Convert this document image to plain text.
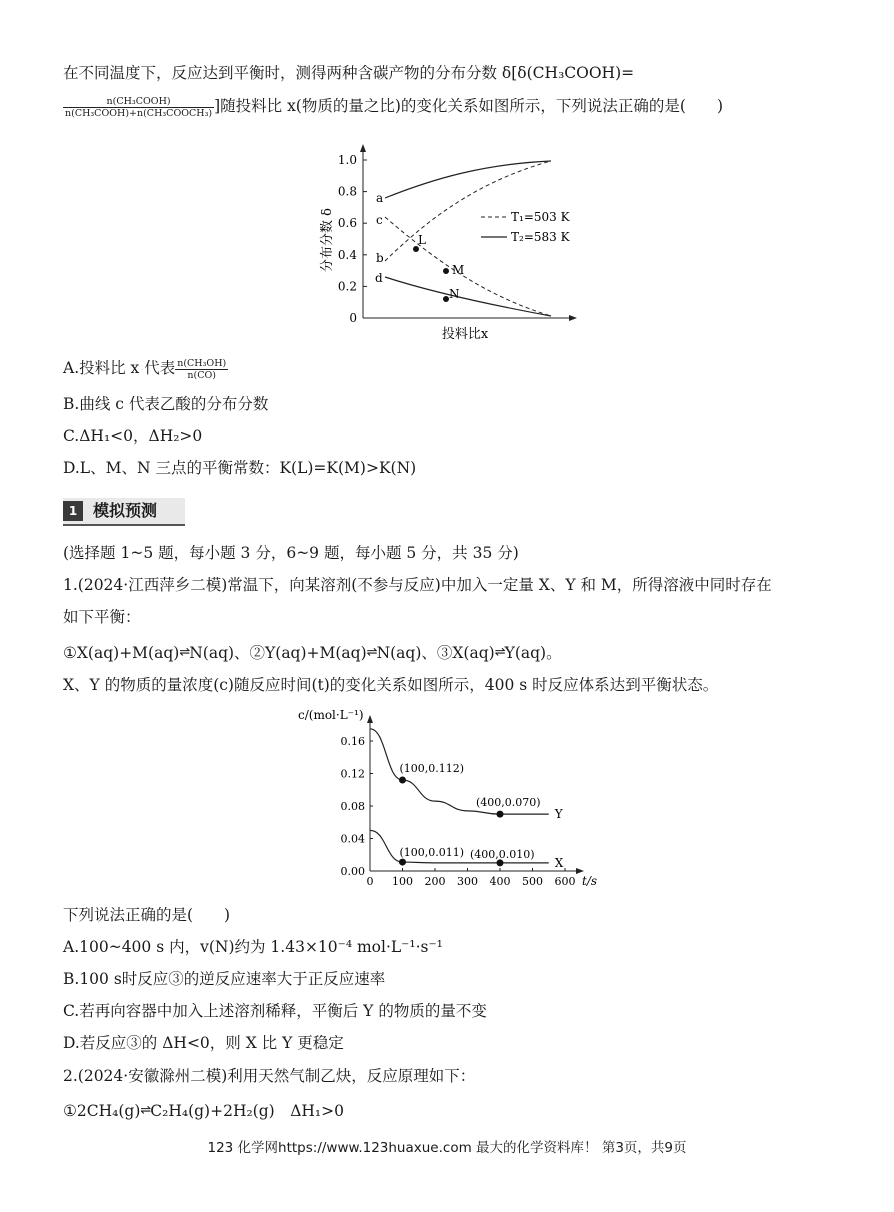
在不同温度下，反应达到平衡时，测得两种含碳产物的分布分数 δ[δ(CH₃COOH)=
$\frac{\text{n(CH₃COOH)}}{\text{n(CH₃COOH)+n(CH₃COOCH₃)}}$ ]随投料比 x(物质的量之比)的变化关系如图所示，下列说法正确的是(　　)
1.0
0.8
0.6
0.4
0.2
0
分布分数 δ
投料比x
a
c
b
d
L
M
N
T₁=503 K
T₂=583 K
A.投料比 x 代表 $\frac{\text{n(CH₃OH)}}{n(CO)}$
B.曲线 c 代表乙酸的分布分数
C.ΔH₁<0，ΔH₂>0
D.L、M、N 三点的平衡常数：K(L)=K(M)>K(N)
1 模拟预测
(选择题 1~5 题，每小题 3 分，6~9 题，每小题 5 分，共 35 分)
1.(2024·江西萍乡二模)常温下，向某溶剂(不参与反应)中加入一定量 X、Y 和 M，所得溶液中同时存在
如下平衡：
①X(aq)+M(aq)⇌N(aq)、②Y(aq)+M(aq)⇌N(aq)、③X(aq)⇌Y(aq)。
X、Y 的物质的量浓度(c)随反应时间(t)的变化关系如图所示，400 s 时反应体系达到平衡状态。
c/(mol·L⁻¹)
t/s
0 100 200 300 400 500 600
0.16
0.12
0.08
0.04
0.00
Y
X
(100,0.112)
(400,0.070)
(100,0.011) (400,0.010)
下列说法正确的是(　　)
A.100~400 s 内，v(N)约为 1.43×10⁻⁴ mol·L⁻¹·s⁻¹
B.100 s时反应③的逆反应速率大于正反应速率
C.若再向容器中加入上述溶剂稀释，平衡后 Y 的物质的量不变
D.若反应③的 ΔH<0，则 X 比 Y 更稳定
2.(2024·安徽滁州二模)利用天然气制乙炔，反应原理如下：
①2CH₄(g)⇌C₂H₄(g)+2H₂(g)　ΔH₁>0
123 化学网https://www.123huaxue.com 最大的化学资料库！ 第3页，共9页
